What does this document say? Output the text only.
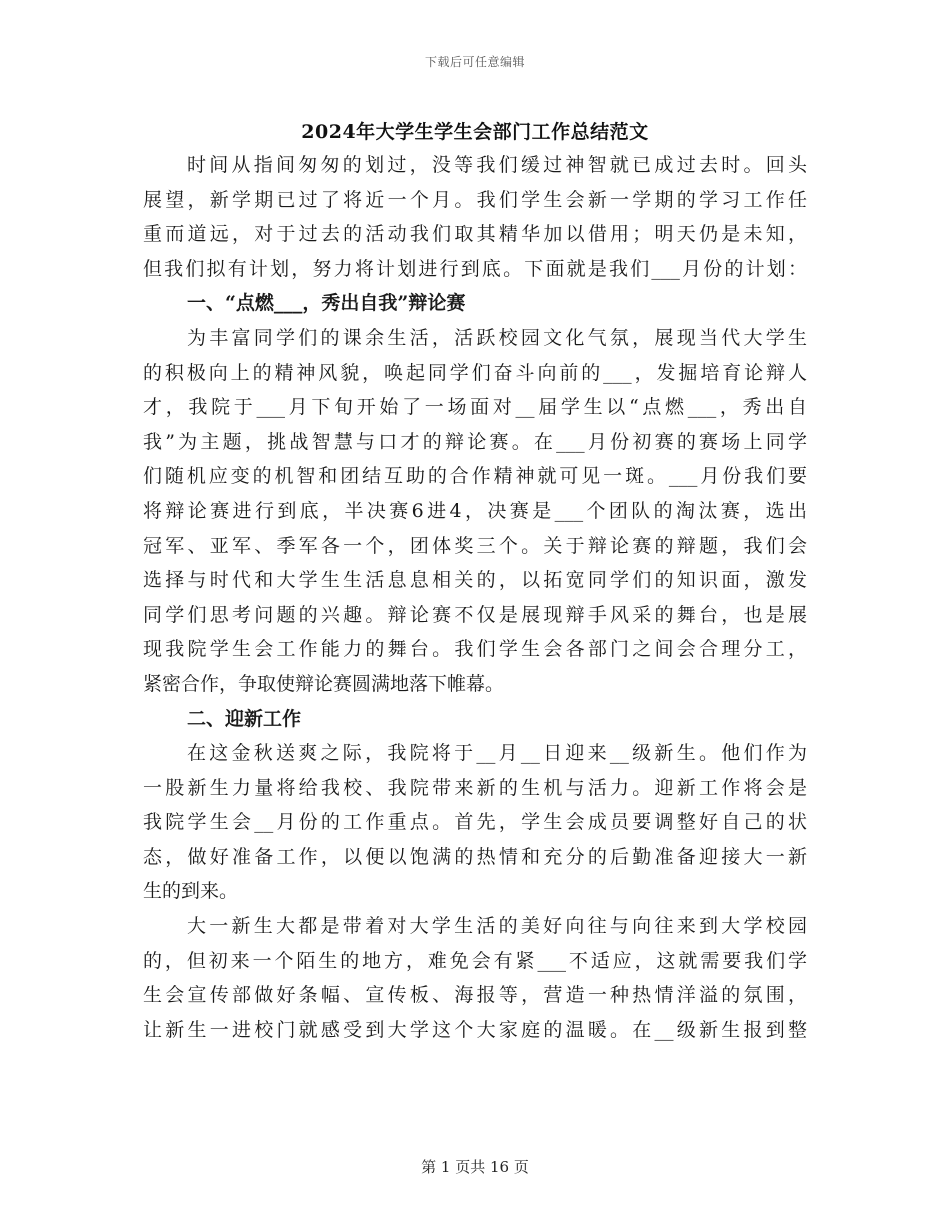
下载后可任意编辑
2024年大学生学生会部门工作总结范文
时间从指间匆匆的划过，没等我们缓过神智就已成过去时。回头
展望，新学期已过了将近一个月。我们学生会新一学期的学习工作任
重而道远，对于过去的活动我们取其精华加以借用；明天仍是未知，
但我们拟有计划，努力将计划进行到底。下面就是我们___月份的计划：
一、“点燃___，秀出自我”辩论赛
为丰富同学们的课余生活，活跃校园文化气氛，展现当代大学生
的积极向上的精神风貌，唤起同学们奋斗向前的___，发掘培育论辩人
才，我院于___月下旬开始了一场面对__届学生以“点燃___，秀出自
我”为主题，挑战智慧与口才的辩论赛。在___月份初赛的赛场上同学
们随机应变的机智和团结互助的合作精神就可见一斑。___月份我们要
将辩论赛进行到底，半决赛6进4，决赛是___个团队的淘汰赛，选出
冠军、亚军、季军各一个，团体奖三个。关于辩论赛的辩题，我们会
选择与时代和大学生生活息息相关的，以拓宽同学们的知识面，激发
同学们思考问题的兴趣。辩论赛不仅是展现辩手风采的舞台，也是展
现我院学生会工作能力的舞台。我们学生会各部门之间会合理分工，
紧密合作，争取使辩论赛圆满地落下帷幕。
二、迎新工作
在这金秋送爽之际，我院将于__月__日迎来__级新生。他们作为
一股新生力量将给我校、我院带来新的生机与活力。迎新工作将会是
我院学生会__月份的工作重点。首先，学生会成员要调整好自己的状
态，做好准备工作，以便以饱满的热情和充分的后勤准备迎接大一新
生的到来。
大一新生大都是带着对大学生活的美好向往与向往来到大学校园
的，但初来一个陌生的地方，难免会有紧___不适应，这就需要我们学
生会宣传部做好条幅、宣传板、海报等，营造一种热情洋溢的氛围，
让新生一进校门就感受到大学这个大家庭的温暖。在__级新生报到整
第 1 页共 16 页
